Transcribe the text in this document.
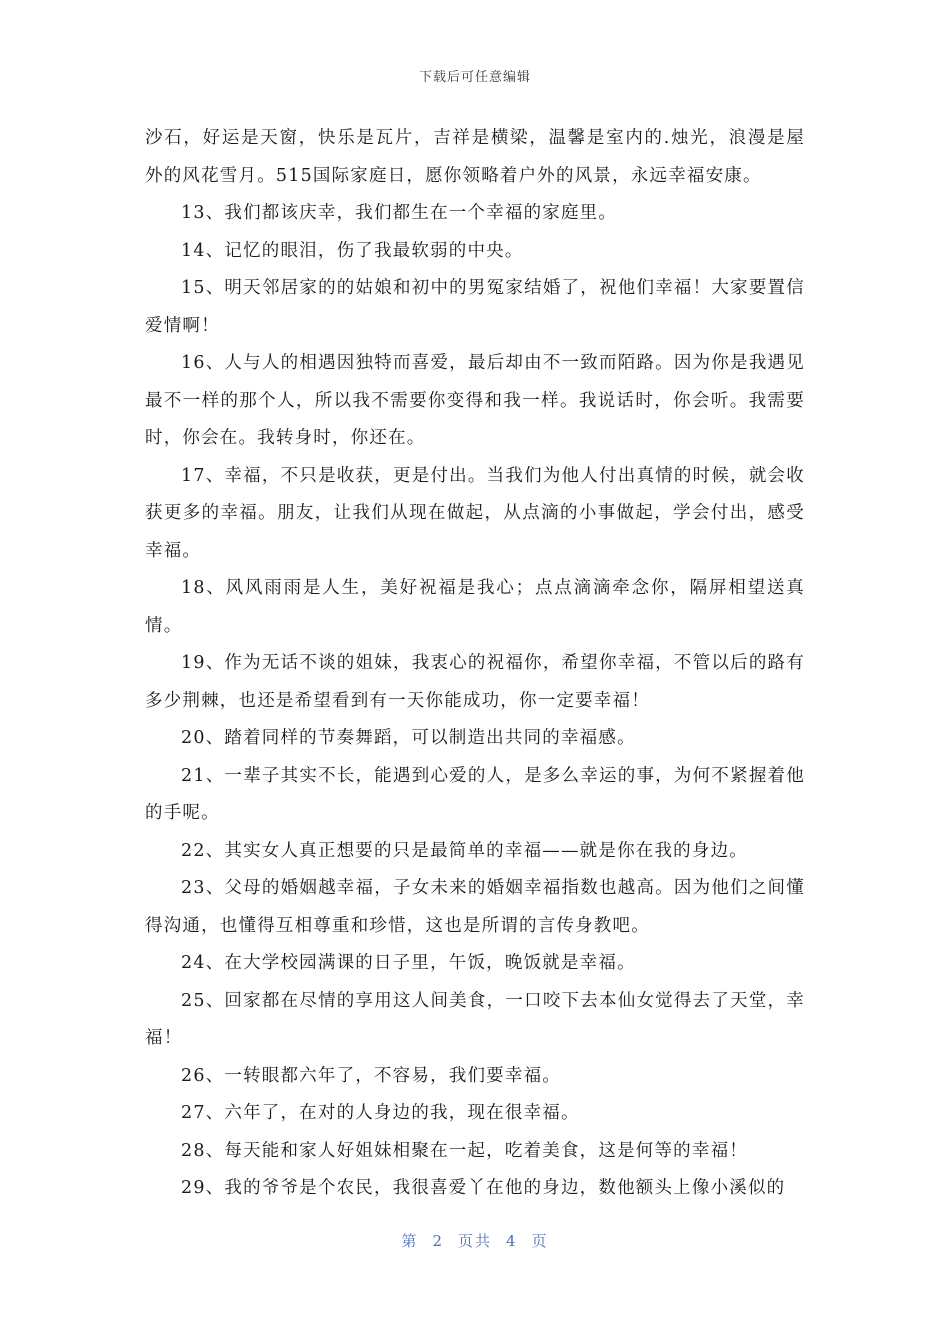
下载后可任意编辑

沙石，好运是天窗，快乐是瓦片，吉祥是横梁，温馨是室内的.烛光，浪漫是屋外的风花雪月。515国际家庭日，愿你领略着户外的风景，永远幸福安康。

13、我们都该庆幸，我们都生在一个幸福的家庭里。

14、记忆的眼泪，伤了我最软弱的中央。

15、明天邻居家的的姑娘和初中的男冤家结婚了，祝他们幸福！大家要置信爱情啊！

16、人与人的相遇因独特而喜爱，最后却由不一致而陌路。因为你是我遇见最不一样的那个人，所以我不需要你变得和我一样。我说话时，你会听。我需要时，你会在。我转身时，你还在。

17、幸福，不只是收获，更是付出。当我们为他人付出真情的时候，就会收获更多的幸福。朋友，让我们从现在做起，从点滴的小事做起，学会付出，感受幸福。

18、风风雨雨是人生，美好祝福是我心；点点滴滴牵念你，隔屏相望送真情。

19、作为无话不谈的姐妹，我衷心的祝福你，希望你幸福，不管以后的路有多少荆棘，也还是希望看到有一天你能成功，你一定要幸福！

20、踏着同样的节奏舞蹈，可以制造出共同的幸福感。

21、一辈子其实不长，能遇到心爱的人，是多么幸运的事，为何不紧握着他的手呢。

22、其实女人真正想要的只是最简单的幸福——就是你在我的身边。

23、父母的婚姻越幸福，子女未来的婚姻幸福指数也越高。因为他们之间懂得沟通，也懂得互相尊重和珍惜，这也是所谓的言传身教吧。

24、在大学校园满课的日子里，午饭，晚饭就是幸福。

25、回家都在尽情的享用这人间美食，一口咬下去本仙女觉得去了天堂，幸福！

26、一转眼都六年了，不容易，我们要幸福。

27、六年了，在对的人身边的我，现在很幸福。

28、每天能和家人好姐妹相聚在一起，吃着美食，这是何等的幸福！

29、我的爷爷是个农民，我很喜爱丫在他的身边，数他额头上像小溪似的

第 2 页共 4 页
